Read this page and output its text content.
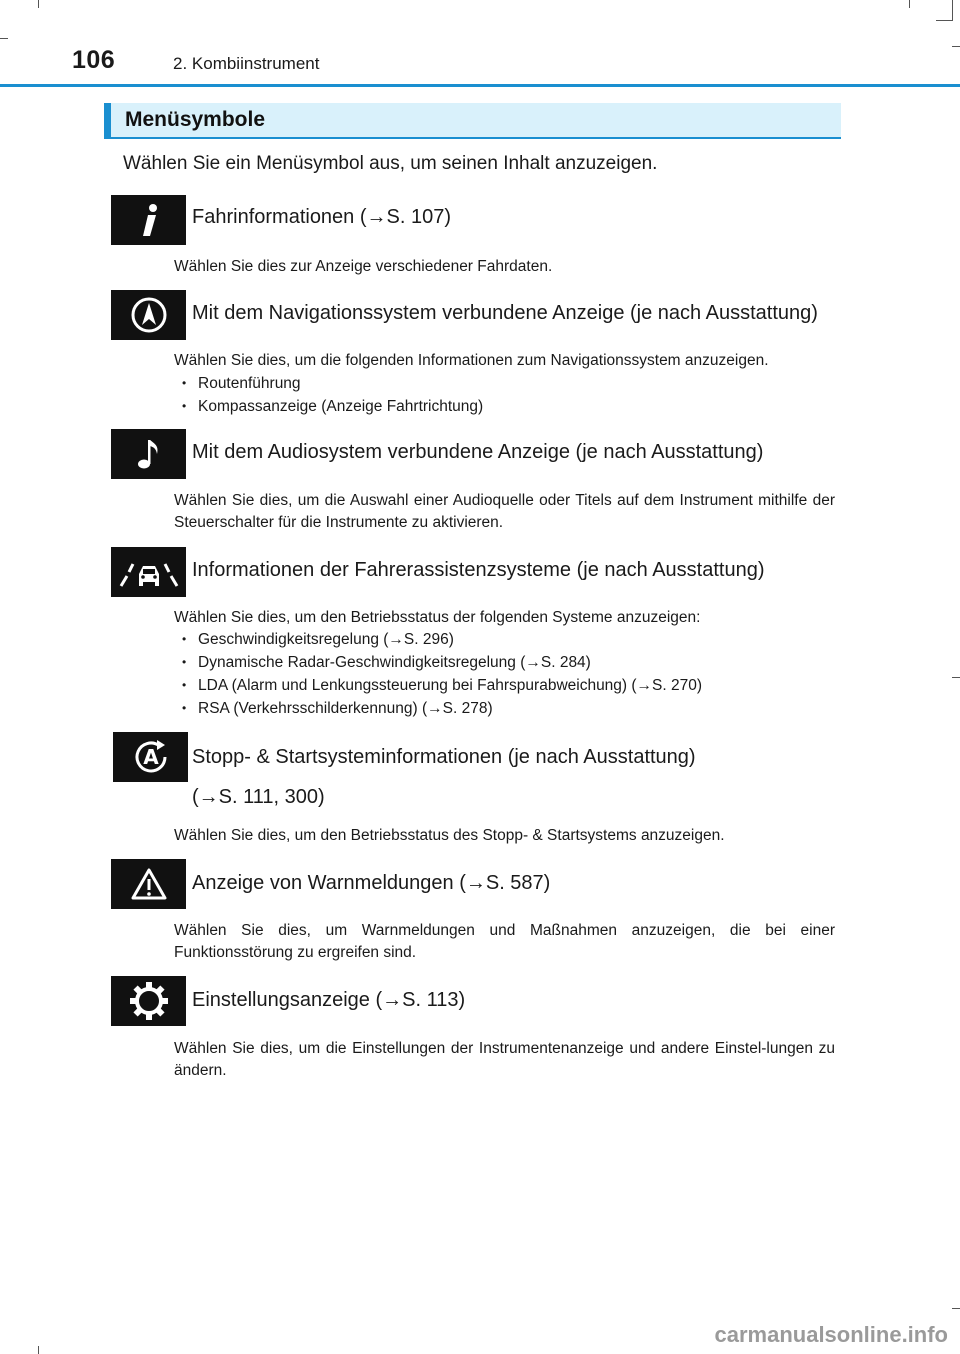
106	2. Kombiinstrument
Menüsymbole
Wählen Sie ein Menüsymbol aus, um seinen Inhalt anzuzeigen.
Fahrinformationen (→S. 107)
Wählen Sie dies zur Anzeige verschiedener Fahrdaten.
Mit dem Navigationssystem verbundene Anzeige (je nach Ausstattung)
Wählen Sie dies, um die folgenden Informationen zum Navigationssystem anzuzeigen.
• Routenführung
• Kompassanzeige (Anzeige Fahrtrichtung)
Mit dem Audiosystem verbundene Anzeige (je nach Ausstattung)
Wählen Sie dies, um die Auswahl einer Audioquelle oder Titels auf dem Instrument mithilfe der Steuerschalter für die Instrumente zu aktivieren.
Informationen der Fahrerassistenzsysteme (je nach Ausstattung)
Wählen Sie dies, um den Betriebsstatus der folgenden Systeme anzuzeigen:
• Geschwindigkeitsregelung (→S. 296)
• Dynamische Radar-Geschwindigkeitsregelung (→S. 284)
• LDA (Alarm und Lenkungssteuerung bei Fahrspurabweichung) (→S. 270)
• RSA (Verkehrsschilderkennung) (→S. 278)
A Stopp- & Startsysteminformationen (je nach Ausstattung)
(→S. 111, 300)
Wählen Sie dies, um den Betriebsstatus des Stopp- & Startsystems anzuzeigen.
Anzeige von Warnmeldungen (→S. 587)
Wählen Sie dies, um Warnmeldungen und Maßnahmen anzuzeigen, die bei einer Funktionsstörung zu ergreifen sind.
Einstellungsanzeige (→S. 113)
Wählen Sie dies, um die Einstellungen der Instrumentenanzeige und andere Einstel-lungen zu ändern.
carmanualsonline.info
